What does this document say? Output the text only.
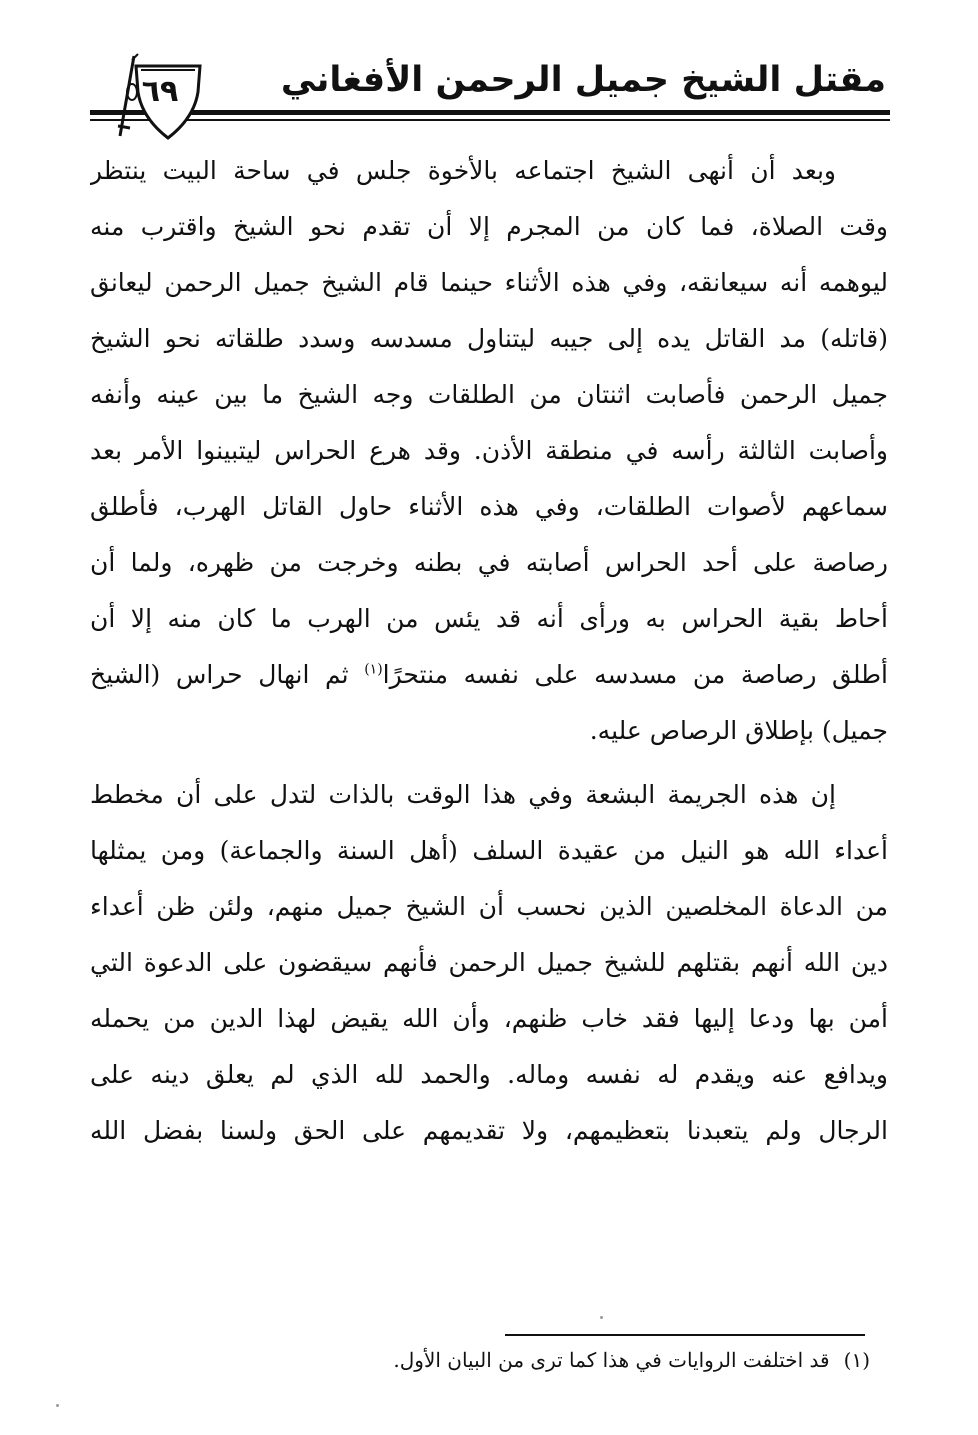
مقتل الشيخ جميل الرحمن الأفغاني
٦٩
وبعد أن أنهى الشيخ اجتماعه بالأخوة جلس في ساحة البيت ينتظر
وقت الصلاة، فما كان من المجرم إلا أن تقدم نحو الشيخ واقترب منه
ليوهمه أنه سيعانقه، وفي هذه الأثناء حينما قام الشيخ جميل الرحمن ليعانق
(قاتله) مد القاتل يده إلى جيبه ليتناول مسدسه وسدد طلقاته نحو الشيخ
جميل الرحمن فأصابت اثنتان من الطلقات وجه الشيخ ما بين عينه وأنفه
وأصابت الثالثة رأسه في منطقة الأذن. وقد هرع الحراس ليتبينوا الأمر بعد
سماعهم لأصوات الطلقات، وفي هذه الأثناء حاول القاتل الهرب، فأطلق
رصاصة على أحد الحراس أصابته في بطنه وخرجت من ظهره، ولما أن
أحاط بقية الحراس به ورأى أنه قد يئس من الهرب ما كان منه إلا أن
أطلق رصاصة من مسدسه على نفسه منتحرًا$^{(١)}$ ثم انهال حراس (الشيخ
جميل) بإطلاق الرصاص عليه.
إن هذه الجريمة البشعة وفي هذا الوقت بالذات لتدل على أن مخطط
أعداء الله هو النيل من عقيدة السلف (أهل السنة والجماعة) ومن يمثلها
من الدعاة المخلصين الذين نحسب أن الشيخ جميل منهم، ولئن ظن أعداء
دين الله أنهم بقتلهم للشيخ جميل الرحمن فأنهم سيقضون على الدعوة التي
أمن بها ودعا إليها فقد خاب ظنهم، وأن الله يقيض لهذا الدين من يحمله
ويدافع عنه ويقدم له نفسه وماله. والحمد لله الذي لم يعلق دينه على
الرجال ولم يتعبدنا بتعظيمهم، ولا تقديمهم على الحق ولسنا بفضل الله
(١)قد اختلفت الروايات في هذا كما ترى من البيان الأول.
